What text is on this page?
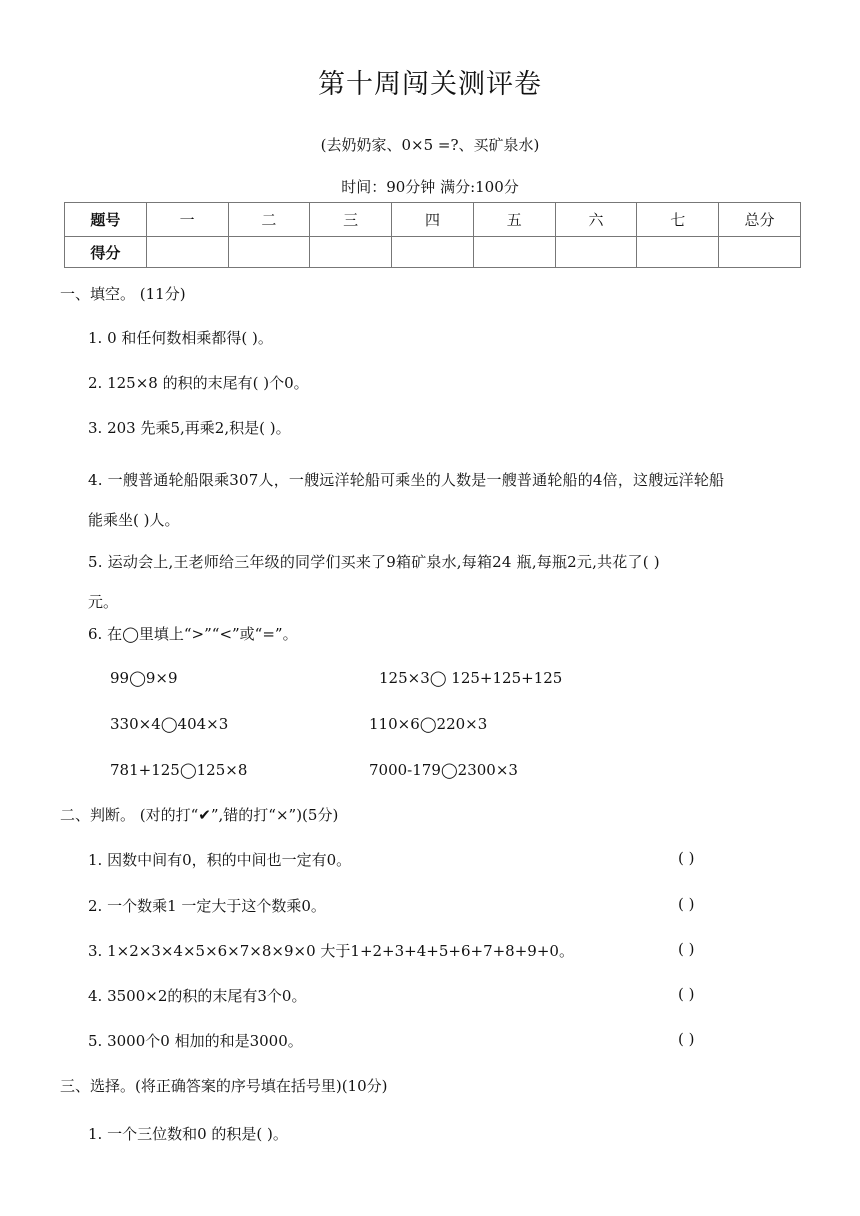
第十周闯关测评卷
(去奶奶家、0×5 =?、买矿泉水)
时间：90分钟 满分:100分
题号	一	二	三	四	五	六	七	总分
得分								
一、填空。 (11分)
1. 0 和任何数相乘都得( )。
2. 125×8 的积的末尾有( )个0。
3. 203 先乘5,再乘2,积是( )。
4. 一艘普通轮船限乘307人，一艘远洋轮船可乘坐的人数是一艘普通轮船的4倍，这艘远洋轮船
能乘坐( )人。
5. 运动会上,王老师给三年级的同学们买来了9箱矿泉水,每箱24 瓶,每瓶2元,共花了( )
元。
6. 在◯里填上“>”“<”或“=”。
99◯9×9	125×3◯ 125+125+125
330×4◯404×3	110×6◯220×3
781+125◯125×8	7000-179◯2300×3
二、判断。 (对的打“✔”,错的打“×”)(5分)
1. 因数中间有0，积的中间也一定有0。	( )
2. 一个数乘1 一定大于这个数乘0。	( )
3. 1×2×3×4×5×6×7×8×9×0 大于1+2+3+4+5+6+7+8+9+0。	( )
4. 3500×2的积的末尾有3个0。	( )
5. 3000个0 相加的和是3000。	( )
三、选择。(将正确答案的序号填在括号里)(10分)
1. 一个三位数和0 的积是( )。
